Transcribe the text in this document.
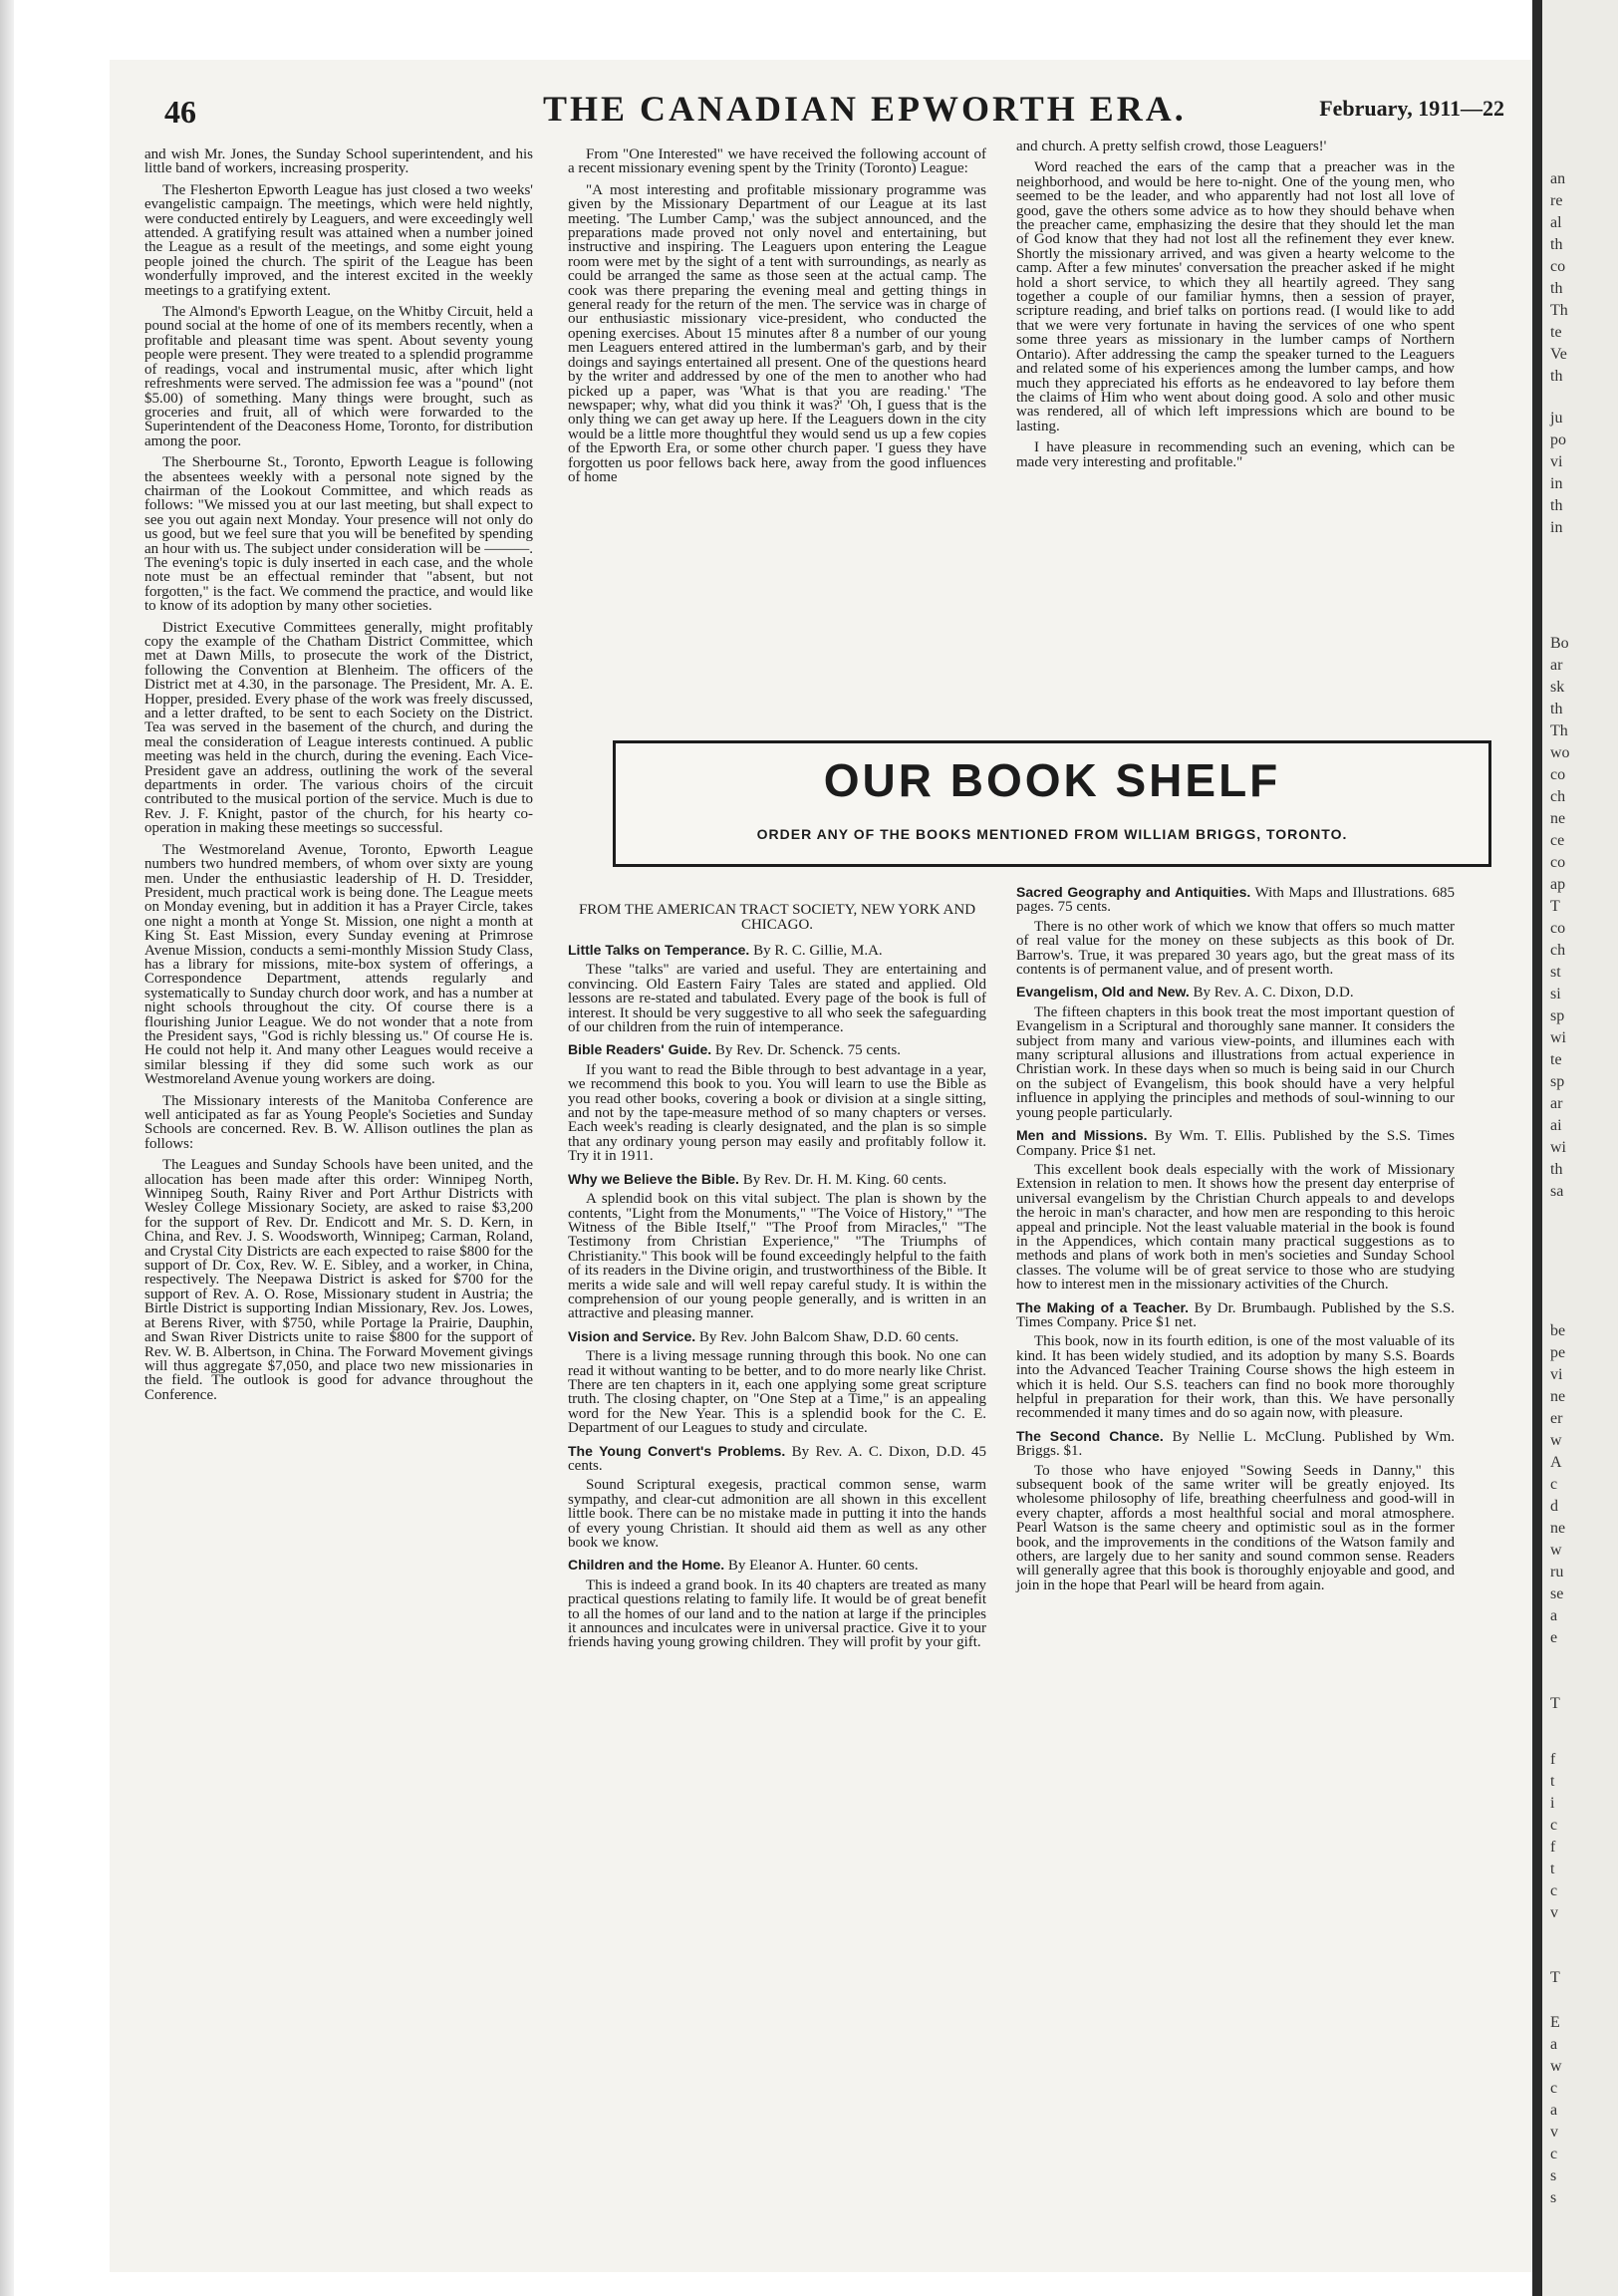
46	THE CANADIAN EPWORTH ERA.	February, 1911—22

and wish Mr. Jones, the Sunday School superintendent, and his little band of workers, increasing prosperity.

The Flesherton Epworth League has just closed a two weeks' evangelistic campaign. The meetings, which were held nightly, were conducted entirely by Leaguers, and were exceedingly well attended. A gratifying result was attained when a number joined the League as a result of the meetings, and some eight young people joined the church. The spirit of the League has been wonderfully improved, and the interest excited in the weekly meetings to a gratifying extent.

The Almond's Epworth League, on the Whitby Circuit, held a pound social at the home of one of its members recently, when a profitable and pleasant time was spent. About seventy young people were present. They were treated to a splendid programme of readings, vocal and instrumental music, after which light refreshments were served. The admission fee was a "pound" (not $5.00) of something. Many things were brought, such as groceries and fruit, all of which were forwarded to the Superintendent of the Deaconess Home, Toronto, for distribution among the poor.

The Sherbourne St., Toronto, Epworth League is following the absentees weekly with a personal note signed by the chairman of the Lookout Committee, and which reads as follows: "We missed you at our last meeting, but shall expect to see you out again next Monday. Your presence will not only do us good, but we feel sure that you will be benefited by spending an hour with us. The subject under consideration will be ———. The evening's topic is duly inserted in each case, and the whole note must be an effectual reminder that "absent, but not forgotten," is the fact. We commend the practice, and would like to know of its adoption by many other societies.

District Executive Committees generally, might profitably copy the example of the Chatham District Committee, which met at Dawn Mills, to prosecute the work of the District, following the Convention at Blenheim. The officers of the District met at 4.30, in the parsonage. The President, Mr. A. E. Hopper, presided. Every phase of the work was freely discussed, and a letter drafted, to be sent to each Society on the District. Tea was served in the basement of the church, and during the meal the consideration of League interests continued. A public meeting was held in the church, during the evening. Each Vice-President gave an address, outlining the work of the several departments in order. The various choirs of the circuit contributed to the musical portion of the service. Much is due to Rev. J. F. Knight, pastor of the church, for his hearty co-operation in making these meetings so successful.

The Westmoreland Avenue, Toronto, Epworth League numbers two hundred members, of whom over sixty are young men. Under the enthusiastic leadership of H. D. Tresidder, President, much practical work is being done. The League meets on Monday evening, but in addition it has a Prayer Circle, takes one night a month at Yonge St. Mission, one night a month at King St. East Mission, every Sunday evening at Primrose Avenue Mission, conducts a semi-monthly Mission Study Class, has a library for missions, mite-box system of offerings, a Correspondence Department, attends regularly and systematically to Sunday church door work, and has a number at night schools throughout the city. Of course there is a flourishing Junior League. We do not wonder that a note from the President says, "God is richly blessing us." Of course He is. He could not help it. And many other Leagues would receive a similar blessing if they did some such work as our Westmoreland Avenue young workers are doing.

The Missionary interests of the Manitoba Conference are well anticipated as far as Young People's Societies and Sunday Schools are concerned. Rev. B. W. Allison outlines the plan as follows:

The Leagues and Sunday Schools have been united, and the allocation has been made after this order: Winnipeg North, Winnipeg South, Rainy River and Port Arthur Districts with Wesley College Missionary Society, are asked to raise $3,200 for the support of Rev. Dr. Endicott and Mr. S. D. Kern, in China, and Rev. J. S. Woodsworth, Winnipeg; Carman, Roland, and Crystal City Districts are each expected to raise $800 for the support of Dr. Cox, Rev. W. E. Sibley, and a worker, in China, respectively. The Neepawa District is asked for $700 for the support of Rev. A. O. Rose, Missionary student in Austria; the Birtle District is supporting Indian Missionary, Rev. Jos. Lowes, at Berens River, with $750, while Portage la Prairie, Dauphin, and Swan River Districts unite to raise $800 for the support of Rev. W. B. Albertson, in China. The Forward Movement givings will thus aggregate $7,050, and place two new missionaries in the field. The outlook is good for advance throughout the Conference.

From "One Interested" we have received the following account of a recent missionary evening spent by the Trinity (Toronto) League:

"A most interesting and profitable missionary programme was given by the Missionary Department of our League at its last meeting. 'The Lumber Camp,' was the subject announced, and the preparations made proved not only novel and entertaining, but instructive and inspiring. The Leaguers upon entering the League room were met by the sight of a tent with surroundings, as nearly as could be arranged the same as those seen at the actual camp. The cook was there preparing the evening meal and getting things in general ready for the return of the men. The service was in charge of our enthusiastic missionary vice-president, who conducted the opening exercises. About 15 minutes after 8 a number of our young men Leaguers entered attired in the lumberman's garb, and by their doings and sayings entertained all present. One of the questions heard by the writer and addressed by one of the men to another who had picked up a paper, was 'What is that you are reading.' 'The newspaper; why, what did you think it was?' 'Oh, I guess that is the only thing we can get away up here. If the Leaguers down in the city would be a little more thoughtful they would send us up a few copies of the Epworth Era, or some other church paper. 'I guess they have forgotten us poor fellows back here, away from the good influences of home

and church. A pretty selfish crowd, those Leaguers!'

Word reached the ears of the camp that a preacher was in the neighborhood, and would be here to-night. One of the young men, who seemed to be the leader, and who apparently had not lost all love of good, gave the others some advice as to how they should behave when the preacher came, emphasizing the desire that they should let the man of God know that they had not lost all the refinement they ever knew. Shortly the missionary arrived, and was given a hearty welcome to the camp. After a few minutes' conversation the preacher asked if he might hold a short service, to which they all heartily agreed. They sang together a couple of our familiar hymns, then a session of prayer, scripture reading, and brief talks on portions read. (I would like to add that we were very fortunate in having the services of one who spent some three years as missionary in the lumber camps of Northern Ontario). After addressing the camp the speaker turned to the Leaguers and related some of his experiences among the lumber camps, and how much they appreciated his efforts as he endeavored to lay before them the claims of Him who went about doing good. A solo and other music was rendered, all of which left impressions which are bound to be lasting.

I have pleasure in recommending such an evening, which can be made very interesting and profitable."

OUR BOOK SHELF
ORDER ANY OF THE BOOKS MENTIONED FROM WILLIAM BRIGGS, TORONTO.

FROM THE AMERICAN TRACT SOCIETY, NEW YORK AND CHICAGO.

Little Talks on Temperance. By R. C. Gillie, M.A.

These "talks" are varied and useful. They are entertaining and convincing. Old Eastern Fairy Tales are stated and applied. Old lessons are re-stated and tabulated. Every page of the book is full of interest. It should be very suggestive to all who seek the safeguarding of our children from the ruin of intemperance.

Bible Readers' Guide. By Rev. Dr. Schenck. 75 cents.

If you want to read the Bible through to best advantage in a year, we recommend this book to you. You will learn to use the Bible as you read other books, covering a book or division at a single sitting, and not by the tape-measure method of so many chapters or verses. Each week's reading is clearly designated, and the plan is so simple that any ordinary young person may easily and profitably follow it. Try it in 1911.

Why we Believe the Bible. By Rev. Dr. H. M. King. 60 cents.

A splendid book on this vital subject. The plan is shown by the contents, "Light from the Monuments," "The Voice of History," "The Witness of the Bible Itself," "The Proof from Miracles," "The Testimony from Christian Experience," "The Triumphs of Christianity." This book will be found exceedingly helpful to the faith of its readers in the Divine origin, and trustworthiness of the Bible. It merits a wide sale and will well repay careful study. It is within the comprehension of our young people generally, and is written in an attractive and pleasing manner.

Vision and Service. By Rev. John Balcom Shaw, D.D. 60 cents.

There is a living message running through this book. No one can read it without wanting to be better, and to do more nearly like Christ. There are ten chapters in it, each one applying some great scripture truth. The closing chapter, on "One Step at a Time," is an appealing word for the New Year. This is a splendid book for the C. E. Department of our Leagues to study and circulate.

The Young Convert's Problems. By Rev. A. C. Dixon, D.D. 45 cents.

Sound Scriptural exegesis, practical common sense, warm sympathy, and clear-cut admonition are all shown in this excellent little book. There can be no mistake made in putting it into the hands of every young Christian. It should aid them as well as any other book we know.

Children and the Home. By Eleanor A. Hunter. 60 cents.

This is indeed a grand book. In its 40 chapters are treated as many practical questions relating to family life. It would be of great benefit to all the homes of our land and to the nation at large if the principles it announces and inculcates were in universal practice. Give it to your friends having young growing children. They will profit by your gift.

Sacred Geography and Antiquities. With Maps and Illustrations. 685 pages. 75 cents.

There is no other work of which we know that offers so much matter of real value for the money on these subjects as this book of Dr. Barrow's. True, it was prepared 30 years ago, but the great mass of its contents is of permanent value, and of present worth.

Evangelism, Old and New. By Rev. A. C. Dixon, D.D.

The fifteen chapters in this book treat the most important question of Evangelism in a Scriptural and thoroughly sane manner. It considers the subject from many and various view-points, and illumines each with many scriptural allusions and illustrations from actual experience in Christian work. In these days when so much is being said in our Church on the subject of Evangelism, this book should have a very helpful influence in applying the principles and methods of soul-winning to our young people particularly.

Men and Missions. By Wm. T. Ellis. Published by the S.S. Times Company. Price $1 net.

This excellent book deals especially with the work of Missionary Extension in relation to men. It shows how the present day enterprise of universal evangelism by the Christian Church appeals to and develops the heroic in man's character, and how men are responding to this heroic appeal and principle. Not the least valuable material in the book is found in the Appendices, which contain many practical suggestions as to methods and plans of work both in men's societies and Sunday School classes. The volume will be of great service to those who are studying how to interest men in the missionary activities of the Church.

The Making of a Teacher. By Dr. Brumbaugh. Published by the S.S. Times Company. Price $1 net.

This book, now in its fourth edition, is one of the most valuable of its kind. It has been widely studied, and its adoption by many S.S. Boards into the Advanced Teacher Training Course shows the high esteem in which it is held. Our S.S. teachers can find no book more thoroughly helpful in preparation for their work, than this. We have personally recommended it many times and do so again now, with pleasure.

The Second Chance. By Nellie L. McClung. Published by Wm. Briggs. $1.

To those who have enjoyed "Sowing Seeds in Danny," this subsequent book of the same writer will be greatly enjoyed. Its wholesome philosophy of life, breathing cheerfulness and good-will in every chapter, affords a most healthful social and moral atmosphere. Pearl Watson is the same cheery and optimistic soul as in the former book, and the improvements in the conditions of the Watson family and others, are largely due to her sanity and sound common sense. Readers will generally agree that this book is thoroughly enjoyable and good, and join in the hope that Pearl will be heard from again.

an
re
al
th
co
th
Th
te
Ve
th
ju
po
vi
in
th
in
Bo
ar
sk
th
Th
wo
co
ch
ne
ce
co
ap
T
co
ch
st
si
sp
wi
te
sp
ar
ai
wi
th
sa
be
pe
vi
ne
er
w
A
c
d
ne
w
ru
se
a
e
T
f
t
i
c
f
t
c
v
T
E
a
w
c
a
v
c
s
s
